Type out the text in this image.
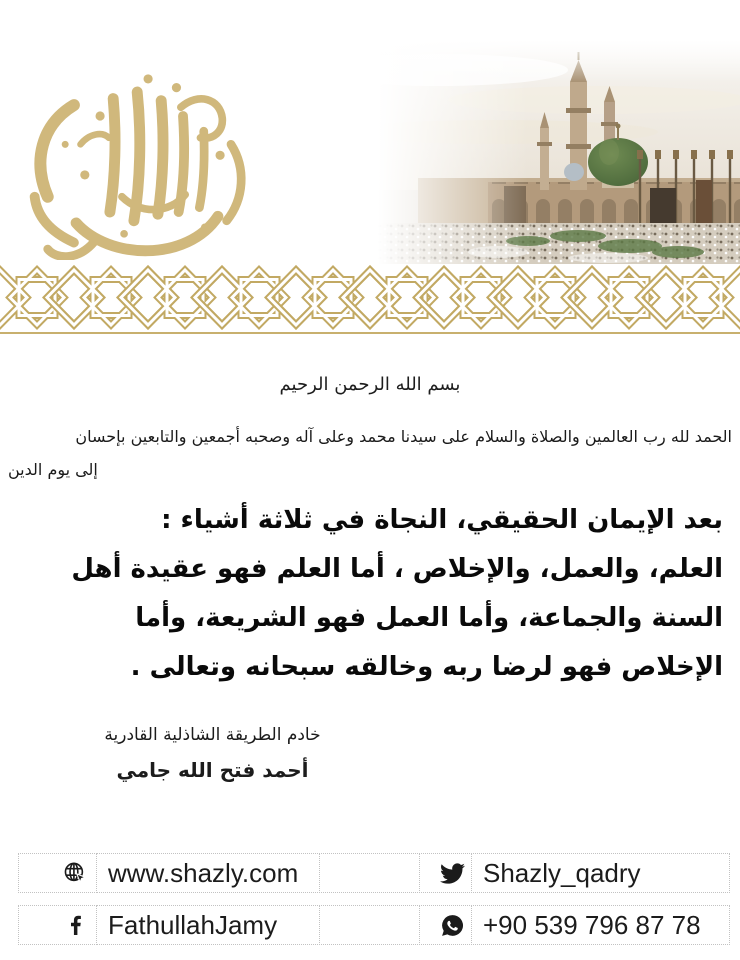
بسم الله الرحمن الرحيم
الحمد لله رب العالمين والصلاة والسلام على سيدنا محمد وعلى آله وصحبه أجمعين والتابعين بإحسان
إلى يوم الدين
بعد الإيمان الحقيقي، النجاة في ثلاثة أشياء :
العلم، والعمل، والإخلاص ، أما العلم فهو عقيدة أهل
السنة والجماعة، وأما العمل فهو الشريعة، وأما
الإخلاص فهو لرضا ربه وخالقه سبحانه وتعالى .
خادم الطريقة الشاذلية القادرية
أحمد فتح الله جامي
www.shazly.com	Shazly_qadry
FathullahJamy	+90 539 796 87 78
